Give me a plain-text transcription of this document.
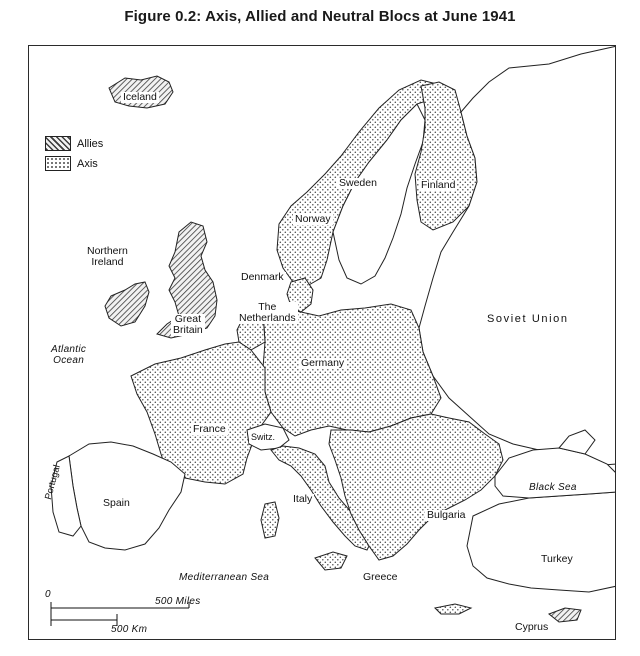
Figure 0.2: Axis, Allied and Neutral Blocs at June 1941
Allies
Axis
Iceland
Northern
Ireland
Great
Britain
Atlantic
Ocean
Norway
Sweden	Finland
Denmark
The
Netherlands
Germany
France
Switz.
Spain
Portugal	Italy
Soviet Union
Black Sea
Bulgaria
Greece
Turkey
Cyprus
Mediterranean Sea
0
500 Miles
500 Km
